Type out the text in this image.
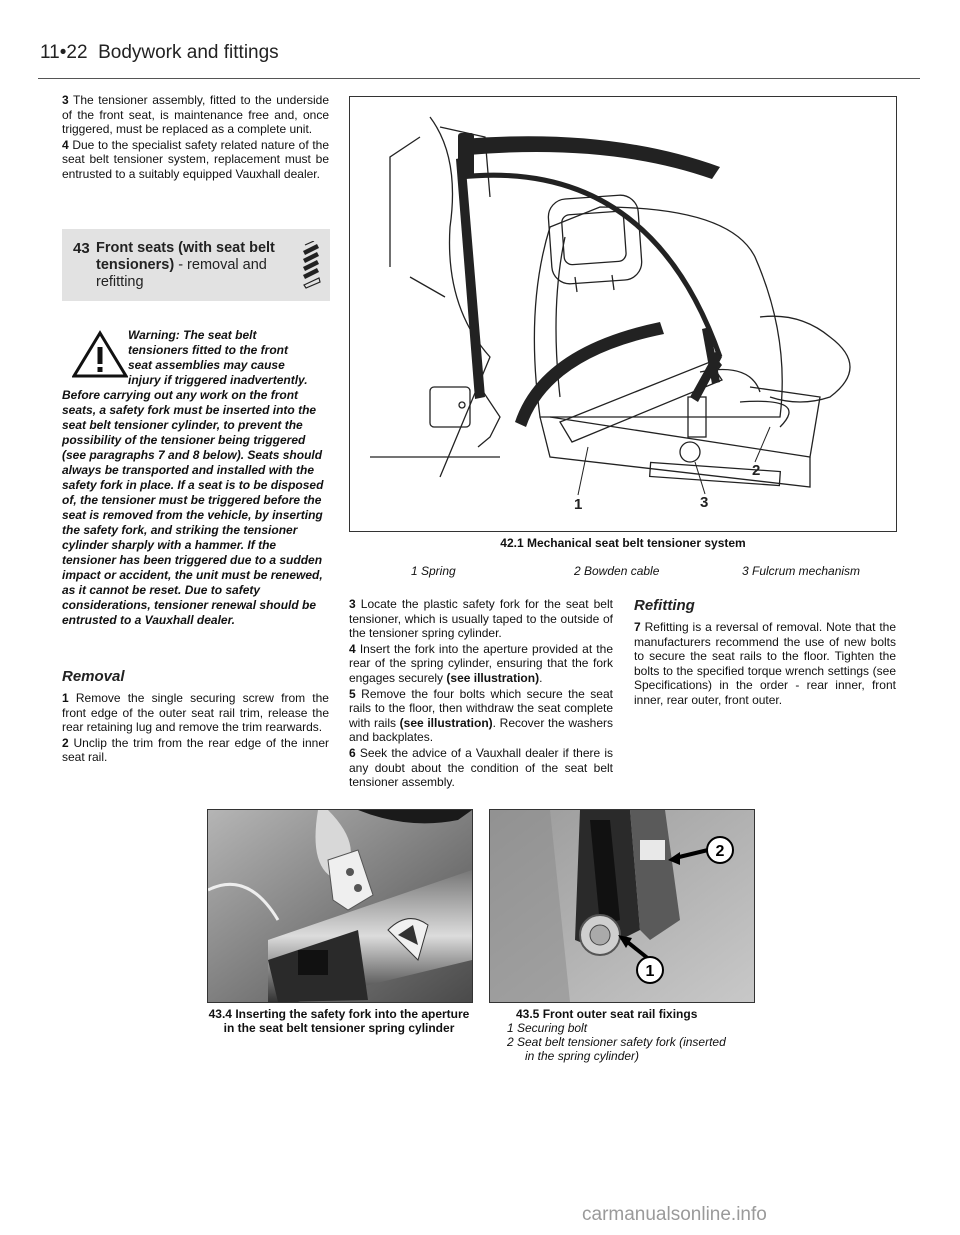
11•22 Bodywork and fittings

3 The tensioner assembly, fitted to the underside of the front seat, is maintenance free and, once triggered, must be replaced as a complete unit.

4 Due to the specialist safety related nature of the seat belt tensioner system, replacement must be entrusted to a suitably equipped Vauxhall dealer.

43 Front seats (with seat belt tensioners) - removal and refitting

Warning: The seat belt

tensioners fitted to the front

seat assemblies may cause

injury if triggered inadvertently.

Before carrying out any work on the front seats, a safety fork must be inserted into the seat belt tensioner cylinder, to prevent the possibility of the tensioner being triggered (see paragraphs 7 and 8 below). Seats should always be transported and installed with the safety fork in place. If a seat is to be disposed of, the tensioner must be triggered before the seat is removed from the vehicle, by inserting the safety fork, and striking the tensioner cylinder sharply with a hammer. If the tensioner has been triggered due to a sudden impact or accident, the unit must be renewed, as it cannot be reset. Due to safety considerations, tensioner renewal should be entrusted to a Vauxhall dealer.

Removal

1 Remove the single securing screw from the front edge of the outer seat rail trim, release the rear retaining lug and remove the trim rearwards.

2 Unclip the trim from the rear edge of the inner seat rail.

1
2
3
42.1 Mechanical seat belt tensioner system
1 Spring	2 Bowden cable	3 Fulcrum mechanism

3 Locate the plastic safety fork for the seat belt tensioner, which is usually taped to the outside of the tensioner spring cylinder.

4 Insert the fork into the aperture provided at the rear of the spring cylinder, ensuring that the fork engages securely (see illustration).

5 Remove the four bolts which secure the seat rails to the floor, then withdraw the seat complete with rails (see illustration). Recover the washers and backplates.

6 Seek the advice of a Vauxhall dealer if there is any doubt about the condition of the seat belt tensioner assembly.

Refitting

7 Refitting is a reversal of removal. Note that the manufacturers recommend the use of new bolts to secure the seat rails to the floor. Tighten the bolts to the specified torque wrench settings (see Specifications) in the order - rear inner, front inner, rear outer, front outer.

43.4 Inserting the safety fork into the aperture in the seat belt tensioner spring cylinder
1
2
43.5 Front outer seat rail fixings
1 Securing bolt
2 Seat belt tensioner safety fork (inserted
in the spring cylinder)
carmanualsonline.info
